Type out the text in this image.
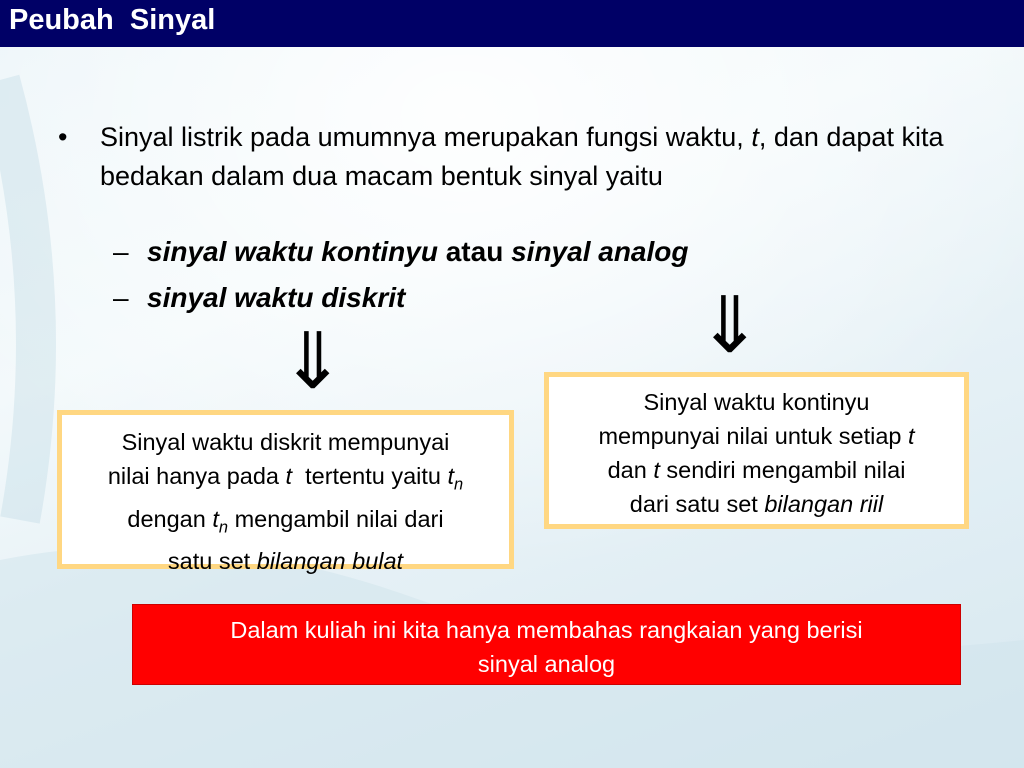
Peubah  Sinyal
•	Sinyal listrik pada umumnya merupakan fungsi waktu, t, dan dapat kita bedakan dalam dua macam bentuk sinyal yaitu
– sinyal waktu kontinyu atau sinyal analog
– sinyal waktu diskrit
⇓	⇓
Sinyal waktu diskrit mempunyai
nilai hanya pada t  tertentu yaitu $t_n$
dengan $t_n$ mengambil nilai dari
satu set bilangan bulat
Sinyal waktu kontinyu
mempunyai nilai untuk setiap t
dan t sendiri mengambil nilai
dari satu set bilangan riil
Dalam kuliah ini kita hanya membahas rangkaian yang berisi
sinyal analog
